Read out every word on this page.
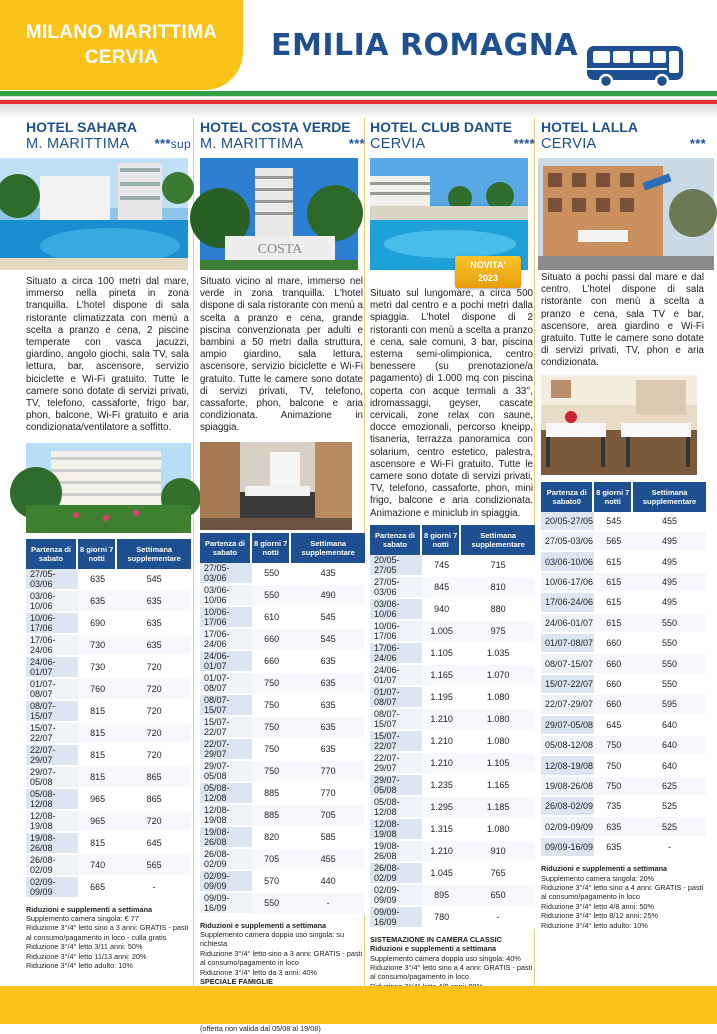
MILANO MARITTIMA
CERVIA	EMILIA ROMAGNA
HOTEL SAHARA
M. MARITTIMA ***sup
Situato a circa 100 metri dal mare, immerso nella pineta in zona tranquilla. L'hotel dispone di sala ristorante climatizzata con menù a scelta a pranzo e cena, 2 piscine temperate con vasca jacuzzi, giardino, angolo giochi, sala TV, sala lettura, bar, ascensore, servizio biciclette e Wi-Fi gratuito. Tutte le camere sono dotate di servizi privati, TV, telefono, cassaforte, frigo bar, phon, balcone, Wi-Fi gratuito e aria condizionata/ventilatore a soffitto.
Partenza di sabato	8 giorni 7 notti	Settimana supplementare
27/05-03/06	635	545
03/06-10/06	635	635
10/06-17/06	690	635
17/06-24/06	730	635
24/06-01/07	730	720
01/07-08/07	760	720
08/07-15/07	815	720
15/07-22/07	815	720
22/07-29/07	815	720
29/07-05/08	815	865
05/08-12/08	965	865
12/08-19/08	965	720
19/08-26/08	815	645
26/08-02/09	740	565
02/09-09/09	665	-
Riduzioni e supplementi a settimana
Supplemento camera singola: € 77
Riduzione 3°/4° letto sino a 3 anni: GRATIS - pasti al consumo/pagamento in loco - culla gratis
Riduzione 3°/4° letto 3/11 anni: 50%
Riduzione 3°/4° letto 11/13 anni: 20%
Riduzione 3°/4° letto adulto: 10%
HOTEL COSTA VERDE
M. MARITTIMA	***
COSTA
Situato vicino al mare, immerso nel verde in zona tranquilla. L'hotel dispone di sala ristorante con menù a scelta a pranzo e cena, grande piscina convenzionata per adulti e bambini a 50 metri dalla struttura, ampio giardino, sala lettura, ascensore, servizio biciclette e Wi-Fi gratuito. Tutte le camere sono dotate di servizi privati, TV, telefono, cassaforte, phon, balcone e aria condizionata. Animazione in spiaggia.
Partenza di sabato	8 giorni 7 notti	Settimana supplementare
27/05-03/06	550	435
03/06-10/06	550	490
10/06-17/06	610	545
17/06-24/06	660	545
24/06-01/07	660	635
01/07-08/07	750	635
08/07-15/07	750	635
15/07-22/07	750	635
22/07-29/07	750	635
29/07-05/08	750	770
05/08-12/08	885	770
12/08-19/08	885	705
19/08-26/08	820	585
26/08-02/09	705	455
02/09-09/09	570	440
09/09-16/09	550	-
Riduzioni e supplementi a settimana
Supplemento camera doppia uso singola: su richiesta
Riduzione 3°/4° letto sino a 3 anni: GRATIS - pasti al consumo/pagamento in loco
Riduzione 3°/4° letto da 3 anni: 40%
SPECIALE FAMIGLIE
(offerta non valida dal 05/08 al 19/08)
HOTEL CLUB DANTE
CERVIA	****
Situato sul lungomare, a circa 500 metri dal centro e a pochi metri dalla spiaggia. L'hotel dispone di 2 ristoranti con menù a scelta a pranzo e cena, sale comuni, 3 bar, piscina esterna semi-olimpionica, centro benessere (su prenotazione/a pagamento) di 1.000 mq con piscina coperta con acque termali a 33°, idromassaggi, geyser, cascate cervicali, zone relax con saune, docce emozionali, percorso kneipp, tisaneria, terrazza panoramica con solarium, centro estetico, palestra, ascensore e Wi-Fi gratuito. Tutte le camere sono dotate di servizi privati, TV, telefono, cassaforte, phon, mini frigo, balcone e aria condizionata. Animazione e miniclub in spiaggia.
Partenza di sabato	8 giorni 7 notti	Settimana supplementare
20/05-27/05	745	715
27/05-03/06	845	810
03/06-10/06	940	880
10/06-17/06	1.005	975
17/06-24/06	1.105	1.035
24/06-01/07	1.165	1.070
01/07-08/07	1.195	1.080
08/07-15/07	1.210	1.080
15/07-22/07	1.210	1.080
22/07-29/07	1.210	1.105
29/07-05/08	1.235	1.165
05/08-12/08	1.295	1.185
12/08-19/08	1.315	1.080
19/08-26/08	1.210	910
26/08-02/09	1.045	765
02/09-09/09	895	650
09/09-16/09	780	-
SISTEMAZIONE IN CAMERA CLASSIC
Riduzioni e supplementi a settimana
Supplemento camera doppia uso singola: 40%
Riduzione 3°/4° letto sino a 4 anni: GRATIS - pasti al consumo/pagamento in loco
NOVITA'
2023
HOTEL LALLA
CERVIA	***
Situato a pochi passi dal mare e dal centro. L'hotel dispone di sala ristorante con menù a scelta a pranzo e cena, sala TV e bar, ascensore, area giardino e Wi-Fi gratuito. Tutte le camere sono dotate di servizi privati, TV, phon e aria condizionata.
Partenza di sabato0	8 giorni 7 notti	Settimana supplementare
20/05-27/05	545	455
27/05-03/06	565	495
03/06-10/06	615	495
10/06-17/06	615	495
17/06-24/06	615	495
24/06-01/07	615	550
01/07-08/07	660	550
08/07-15/07	660	550
15/07-22/07	660	550
22/07-29/07	660	595
29/07-05/08	645	640
05/08-12/08	750	640
12/08-19/08	750	640
19/08-26/08	750	625
26/08-02/09	735	525
02/09-09/09	635	525
09/09-16/09	635	-
Riduzioni e supplementi a settimana
Supplemento camera singola: 20%
Riduzione 3°/4° letto sino a 4 anni: GRATIS - pasti al consumo/pagamento in loco
Riduzione 3°/4° letto 4/8 anni: 50%
Riduzione 3°/4° letto 8/12 anni: 25%
Riduzione 3°/4° letto adulto: 10%
